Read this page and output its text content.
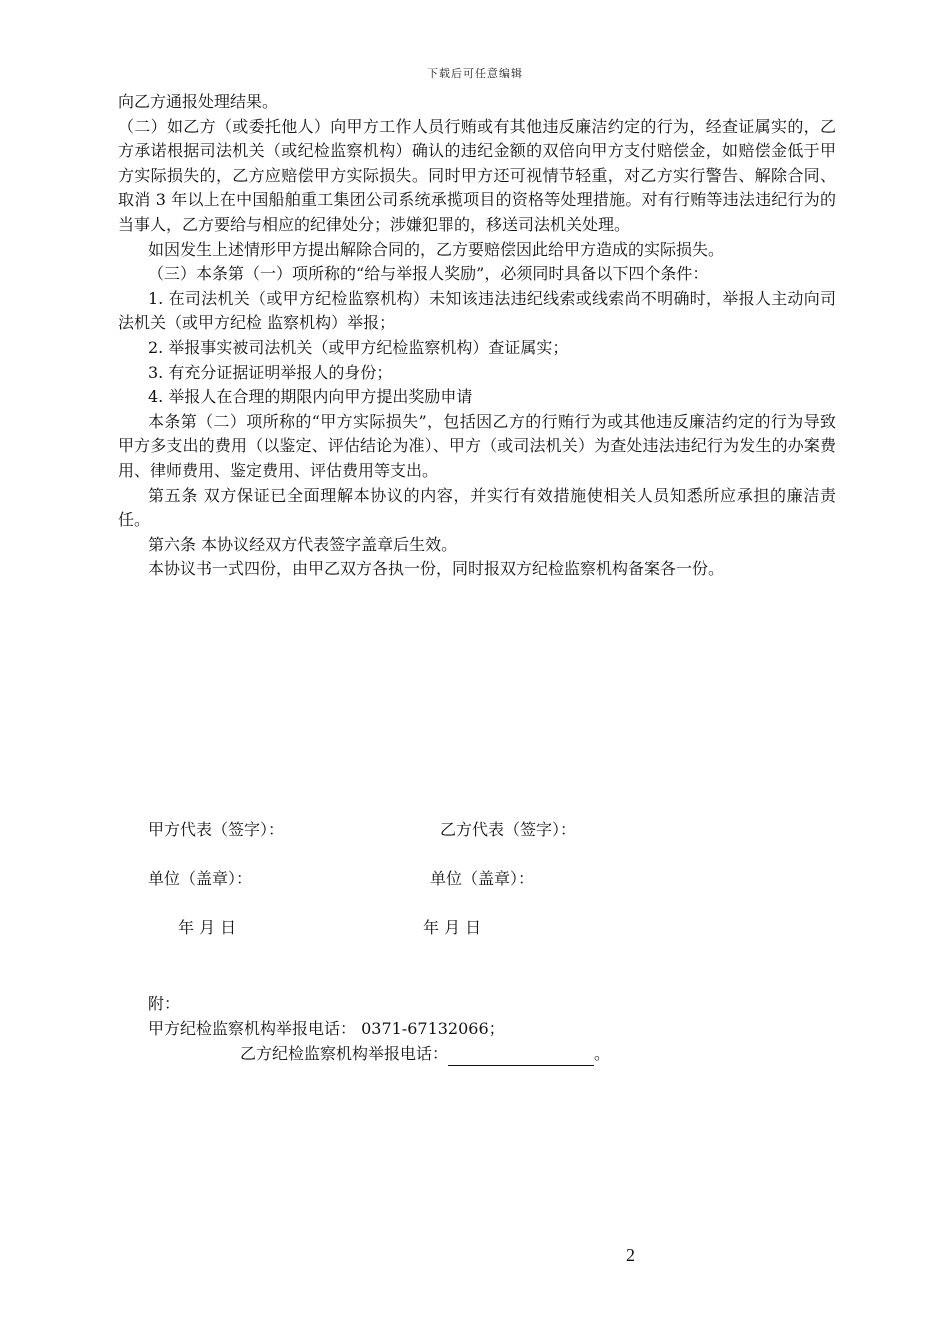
下载后可任意编辑

向乙方通报处理结果。

（二）如乙方（或委托他人）向甲方工作人员行贿或有其他违反廉洁约定的行为，经查证属实的，乙方承诺根据司法机关（或纪检监察机构）确认的违纪金额的双倍向甲方支付赔偿金，如赔偿金低于甲方实际损失的，乙方应赔偿甲方实际损失。同时甲方还可视情节轻重，对乙方实行警告、解除合同、取消 3 年以上在中国船舶重工集团公司系统承揽项目的资格等处理措施。对有行贿等违法违纪行为的当事人，乙方要给与相应的纪律处分；涉嫌犯罪的，移送司法机关处理。

如因发生上述情形甲方提出解除合同的，乙方要赔偿因此给甲方造成的实际损失。

（三）本条第（一）项所称的“给与举报人奖励”，必须同时具备以下四个条件：

1. 在司法机关（或甲方纪检监察机构）未知该违法违纪线索或线索尚不明确时，举报人主动向司法机关（或甲方纪检 监察机构）举报；

2. 举报事实被司法机关（或甲方纪检监察机构）查证属实；

3. 有充分证据证明举报人的身份；

4. 举报人在合理的期限内向甲方提出奖励申请

本条第（二）项所称的“甲方实际损失”，包括因乙方的行贿行为或其他违反廉洁约定的行为导致甲方多支出的费用（以鉴定、评估结论为准）、甲方（或司法机关）为查处违法违纪行为发生的办案费用、律师费用、鉴定费用、评估费用等支出。

第五条 双方保证已全面理解本协议的内容，并实行有效措施使相关人员知悉所应承担的廉洁责任。

第六条 本协议经双方代表签字盖章后生效。

本协议书一式四份，由甲乙双方各执一份，同时报双方纪检监察机构备案各一份。

甲方代表（签字）：	乙方代表（签字）：
单位（盖章）：	单位（盖章）：
年 月 日	年 月 日
附：
甲方纪检监察机构举报电话： 0371-67132066；
乙方纪检监察机构举报电话：	。
2
